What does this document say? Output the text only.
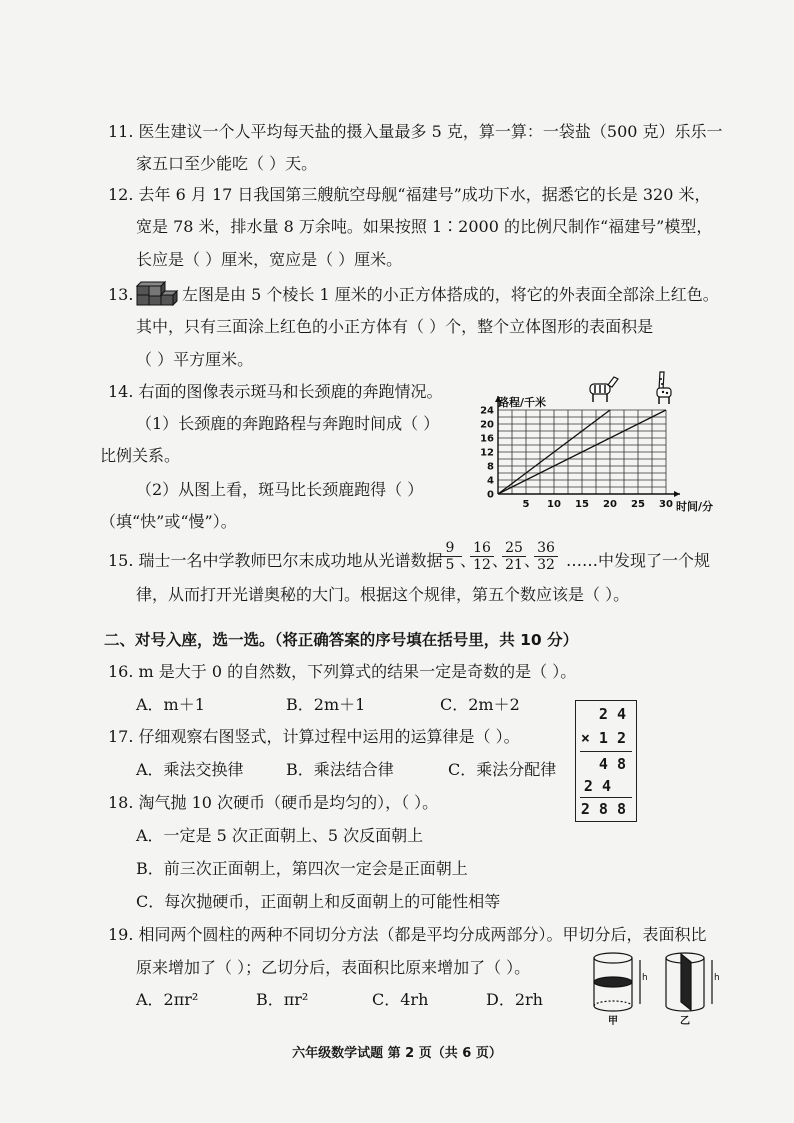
11. 医生建议一个人平均每天盐的摄入量最多 5 克，算一算：一袋盐（500 克）乐乐一
家五口至少能吃（ ）天。
12. 去年 6 月 17 日我国第三艘航空母舰“福建号”成功下水，据悉它的长是 320 米，
宽是 78 米，排水量 8 万余吨。如果按照 1∶2000 的比例尺制作“福建号”模型，
长应是（ ）厘米，宽应是（ ）厘米。
13.	左图是由 5 个棱长 1 厘米的小正方体搭成的，将它的外表面全部涂上红色。
其中，只有三面涂上红色的小正方体有（ ）个，整个立体图形的表面积是
（ ）平方厘米。
14. 右面的图像表示斑马和长颈鹿的奔跑情况。
（1）长颈鹿的奔跑路程与奔跑时间成（ ）
比例关系。
（2）从图上看，斑马比长颈鹿跑得（ ）
（填“快”或“慢”）。
5 10 15 20 25 30
0
4
8
12
16
20
24
路程/千米
时间/分
15. 瑞士一名中学教师巴尔末成功地从光谱数据
$\frac{9}{5}$
、
$\frac{16}{12}$
、
$\frac{25}{21}$
、
$\frac{36}{32}$ ……中发现了一个规
律，从而打开光谱奥秘的大门。根据这个规律，第五个数应该是（ ）。
二、对号入座，选一选。（将正确答案的序号填在括号里，共 10 分）
16. m 是大于 0 的自然数，下列算式的结果一定是奇数的是（ ）。
A．m＋1	B．2m＋1	C．2m＋2
17. 仔细观察右图竖式，计算过程中运用的运算律是（ ）。
A．乘法交换律	B．乘法结合律	C．乘法分配律
2 4
× 1 2
4 8
2 4
2 8 8
18. 淘气抛 10 次硬币（硬币是均匀的），（ ）。
A．一定是 5 次正面朝上、5 次反面朝上
B．前三次正面朝上，第四次一定会是正面朝上
C．每次抛硬币，正面朝上和反面朝上的可能性相等
19. 相同两个圆柱的两种不同切分方法（都是平均分成两部分）。甲切分后，表面积比
原来增加了（ ）；乙切分后，表面积比原来增加了（ ）。
A．2πr²	B．πr²	C．4rh	D．2rh
h
甲
h
乙
六年级数学试题 第 2 页（共 6 页）
